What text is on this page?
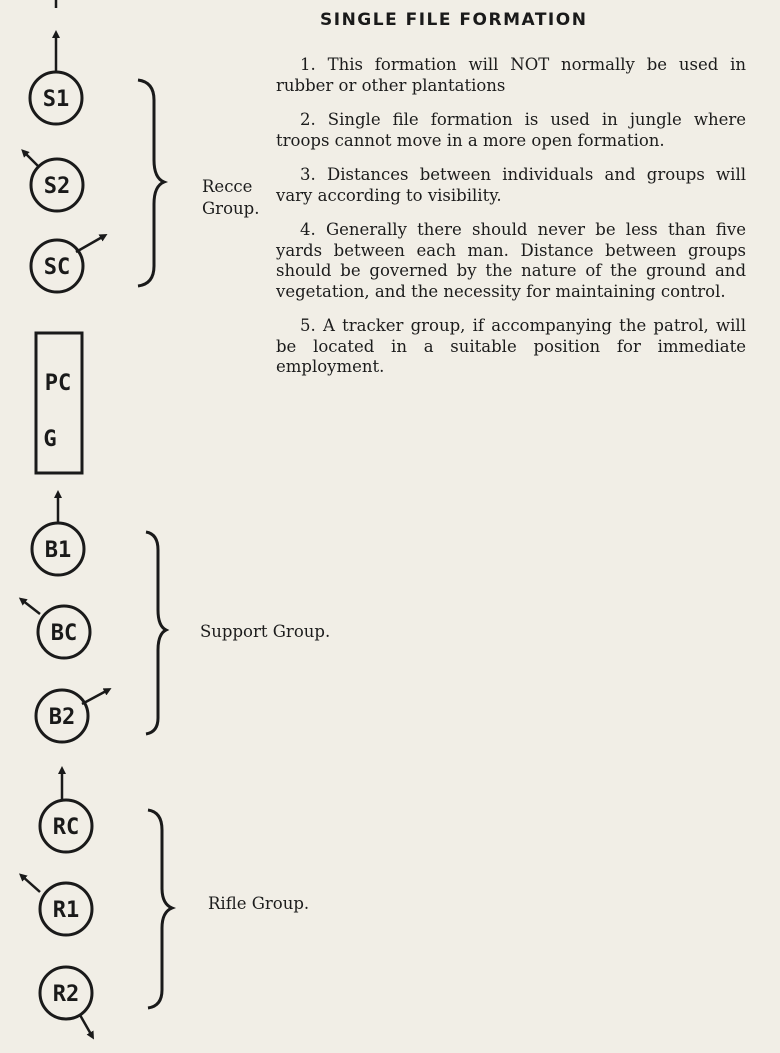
S1
S2
SC
PC
G
B1
BC
B2
RC
R1
R2
SINGLE FILE FORMATION

1. This formation will NOT normally be used in rubber or other plantations

2. Single file formation is used in jungle where troops cannot move in a more open formation.

3. Distances between individuals and groups will vary according to visibility.

4. Generally there should never be less than five yards between each man. Distance between groups should be governed by the nature of the ground and vegetation, and the necessity for maintaining control.

5. A tracker group, if accompanying the patrol, will be located in a suitable position for immediate employment.

Recce
Group.
Support Group.
Rifle Group.
